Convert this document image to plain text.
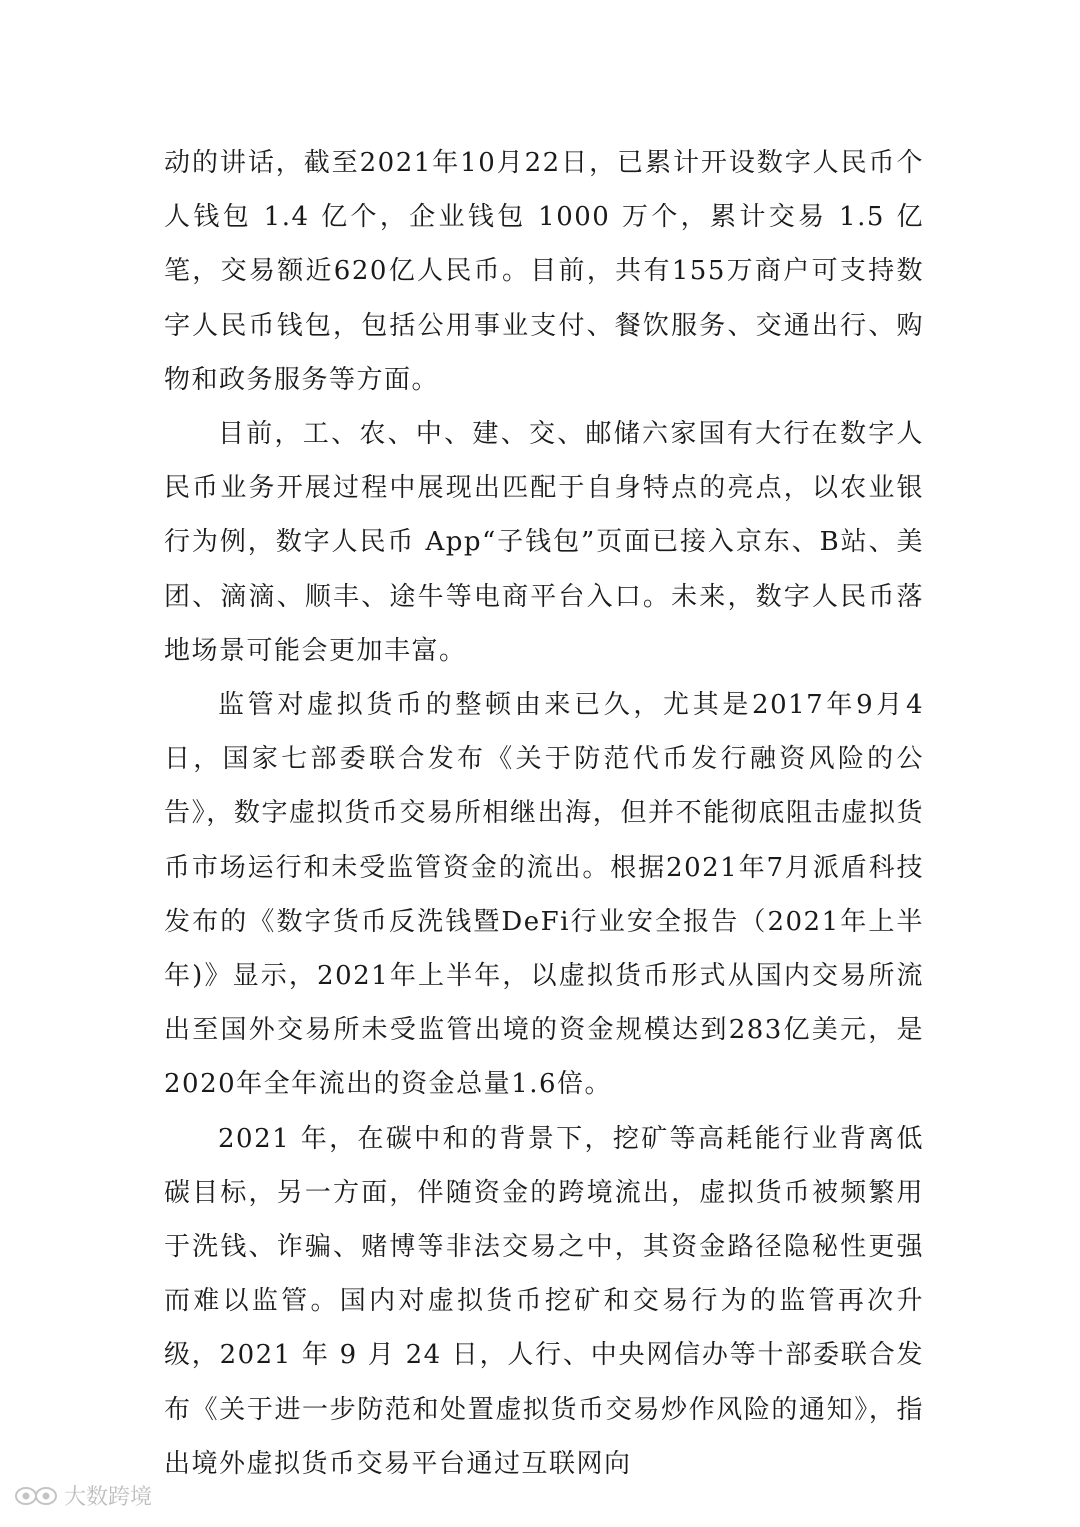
动的讲话，截至2021年10月22日，已累计开设数字人民币个人钱包 1.4 亿个，企业钱包 1000 万个，累计交易 1.5 亿笔，交易额近620亿人民币。目前，共有155万商户可支持数字人民币钱包，包括公用事业支付、餐饮服务、交通出行、购物和政务服务等方面。

目前，工、农、中、建、交、邮储六家国有大行在数字人民币业务开展过程中展现出匹配于自身特点的亮点，以农业银行为例，数字人民币 App“子钱包”页面已接入京东、B站、美团、滴滴、顺丰、途牛等电商平台入口。未来，数字人民币落地场景可能会更加丰富。

监管对虚拟货币的整顿由来已久，尤其是2017年9月4日，国家七部委联合发布《关于防范代币发行融资风险的公告》，数字虚拟货币交易所相继出海，但并不能彻底阻击虚拟货币市场运行和未受监管资金的流出。根据2021年7月派盾科技发布的《数字货币反洗钱暨DeFi行业安全报告（2021年上半年)》显示，2021年上半年，以虚拟货币形式从国内交易所流出至国外交易所未受监管出境的资金规模达到283亿美元，是2020年全年流出的资金总量1.6倍。

2021 年，在碳中和的背景下，挖矿等高耗能行业背离低碳目标，另一方面，伴随资金的跨境流出，虚拟货币被频繁用于洗钱、诈骗、赌博等非法交易之中，其资金路径隐秘性更强而难以监管。国内对虚拟货币挖矿和交易行为的监管再次升级，2021 年 9 月 24 日，人行、中央网信办等十部委联合发布《关于进一步防范和处置虚拟货币交易炒作风险的通知》，指出境外虚拟货币交易平台通过互联网向

大数跨境
